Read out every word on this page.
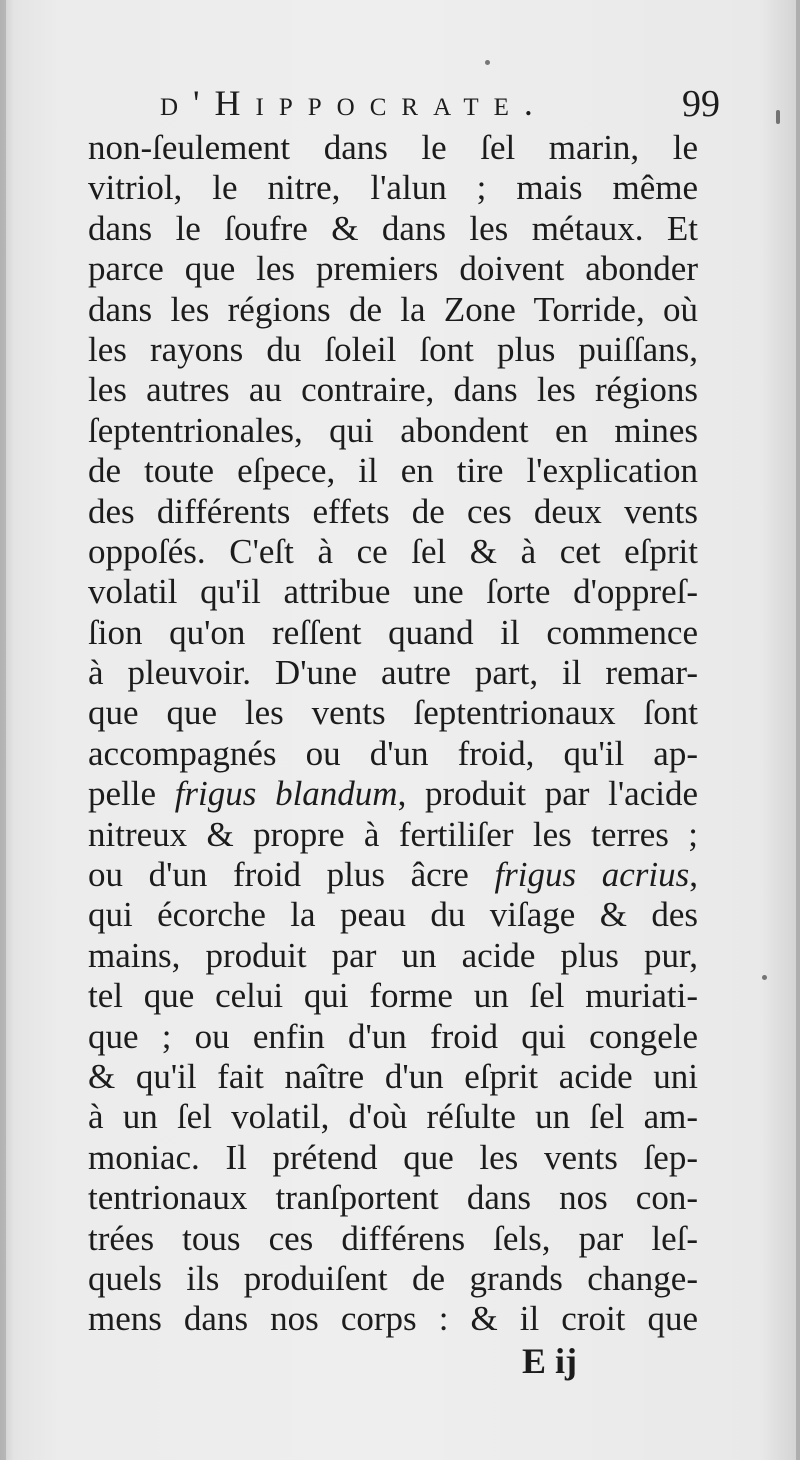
d'Hippocrate.	99
non-ſeulement dans le ſel marin, le
vitriol, le nitre, l'alun ; mais même
dans le ſoufre & dans les métaux. Et
parce que les premiers doivent abonder
dans les régions de la Zone Torride, où
les rayons du ſoleil ſont plus puiſſans,
les autres au contraire, dans les régions
ſeptentrionales, qui abondent en mines
de toute eſpece, il en tire l'explication
des différents effets de ces deux vents
oppoſés. C'eſt à ce ſel & à cet eſprit
volatil qu'il attribue une ſorte d'oppreſ-
ſion qu'on reſſent quand il commence
à pleuvoir. D'une autre part, il remar-
que que les vents ſeptentrionaux ſont
accompagnés ou d'un froid, qu'il ap-
pelle frigus blandum, produit par l'acide
nitreux & propre à fertiliſer les terres ;
ou d'un froid plus âcre frigus acrius,
qui écorche la peau du viſage & des
mains, produit par un acide plus pur,
tel que celui qui forme un ſel muriati-
que ; ou enfin d'un froid qui congele
& qu'il fait naître d'un eſprit acide uni
à un ſel volatil, d'où réſulte un ſel am-
moniac. Il prétend que les vents ſep-
tentrionaux tranſportent dans nos con-
trées tous ces différens ſels, par leſ-
quels ils produiſent de grands change-
mens dans nos corps : & il croit que
E ij
